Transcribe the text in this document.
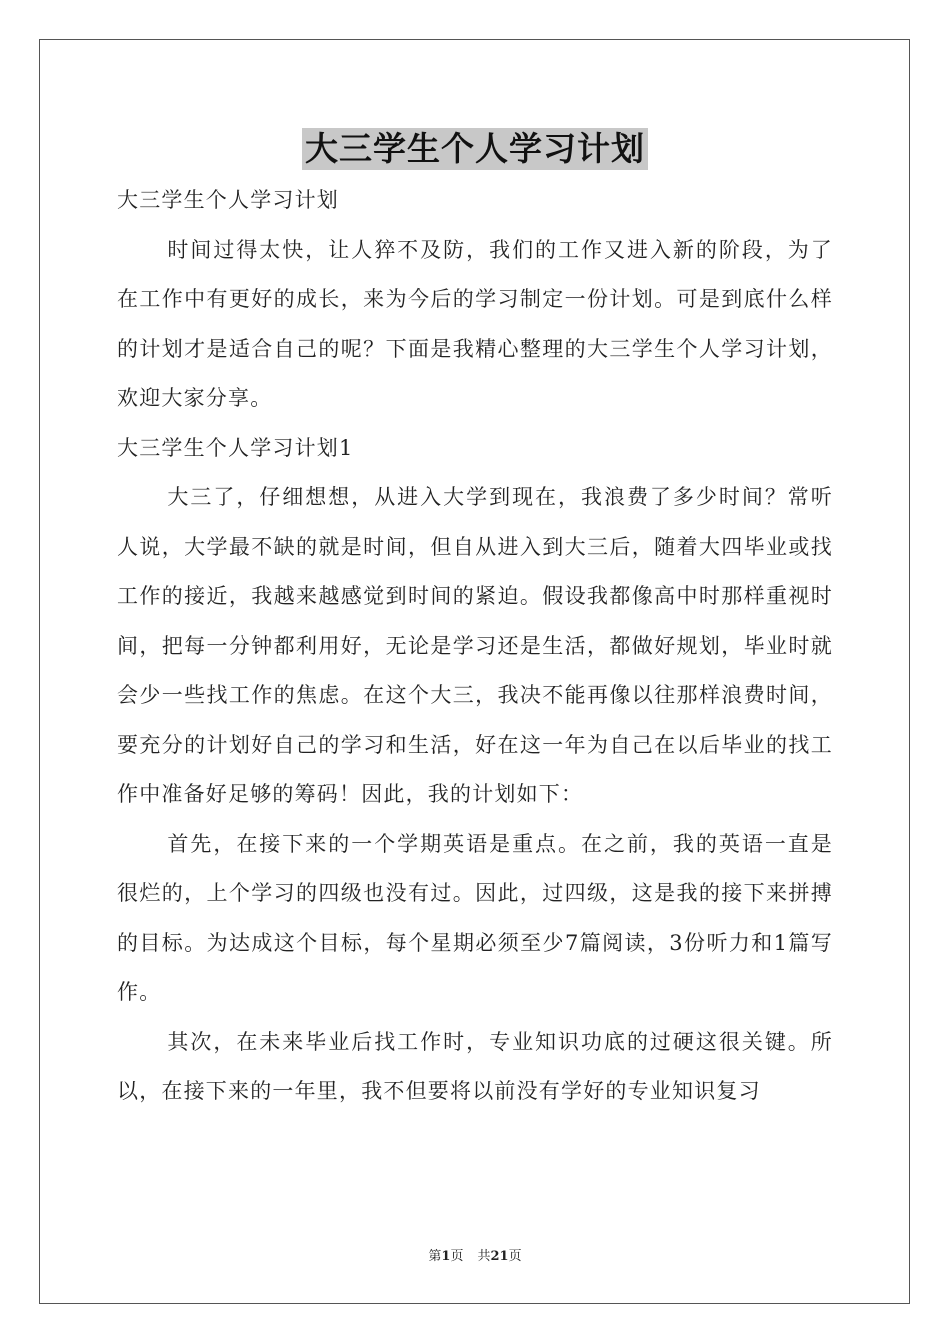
大三学生个人学习计划

大三学生个人学习计划

时间过得太快，让人猝不及防，我们的工作又进入新的阶段，为了在工作中有更好的成长，来为今后的学习制定一份计划。可是到底什么样的计划才是适合自己的呢？下面是我精心整理的大三学生个人学习计划，欢迎大家分享。

大三学生个人学习计划1

大三了，仔细想想，从进入大学到现在，我浪费了多少时间？常听人说，大学最不缺的就是时间，但自从进入到大三后，随着大四毕业或找工作的接近，我越来越感觉到时间的紧迫。假设我都像高中时那样重视时间，把每一分钟都利用好，无论是学习还是生活，都做好规划，毕业时就会少一些找工作的焦虑。在这个大三，我决不能再像以往那样浪费时间，要充分的计划好自己的学习和生活，好在这一年为自己在以后毕业的找工作中准备好足够的筹码！因此，我的计划如下：

首先，在接下来的一个学期英语是重点。在之前，我的英语一直是很烂的，上个学习的四级也没有过。因此，过四级，这是我的接下来拼搏的目标。为达成这个目标，每个星期必须至少7篇阅读，3份听力和1篇写作。

其次，在未来毕业后找工作时，专业知识功底的过硬这很关键。所以，在接下来的一年里，我不但要将以前没有学好的专业知识复习

第1页 共21页
